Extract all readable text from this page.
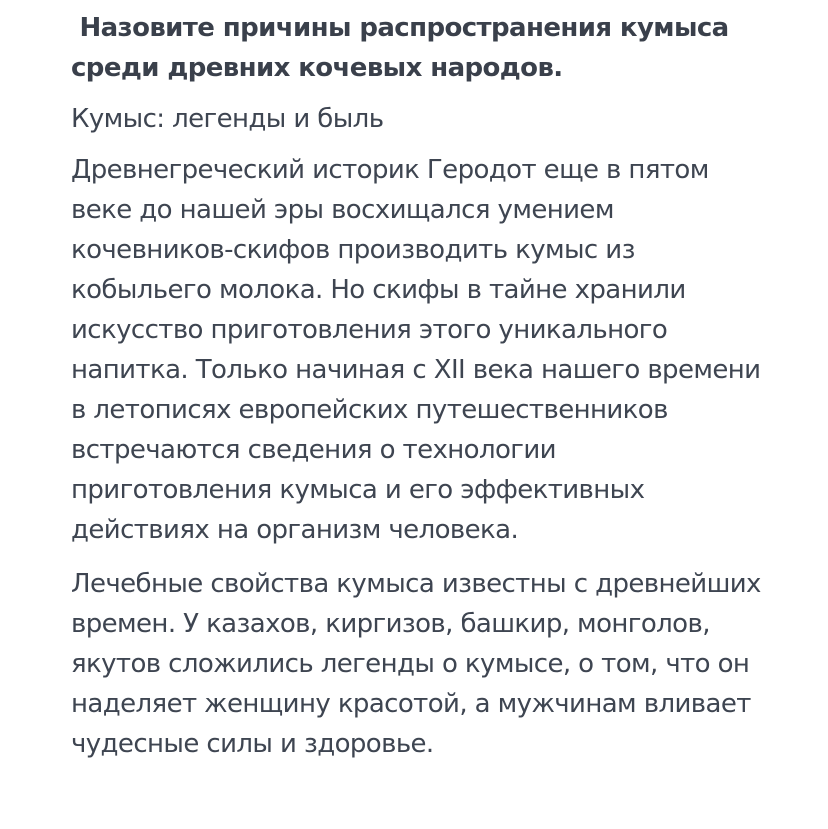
Назовите причины распространения кумыса среди древних кочевых народов.

Кумыс: легенды и быль

Древнегреческий историк Геродот еще в пятом веке до нашей эры восхищался умением кочевников-скифов производить кумыс из кобыльего молока. Но скифы в тайне хранили искусство приготовления этого уникального напитка. Только начиная с XII века нашего времени в летописях европейских путешественников встречаются сведения о технологии приготовления кумыса и его эффективных действиях на организм человека.

Лечебные свойства кумыса известны с древнейших времен. У казахов, киргизов, башкир, монголов, якутов сложились легенды о кумысе, о том, что он наделяет женщину красотой, а мужчинам вливает чудесные силы и здоровье.
